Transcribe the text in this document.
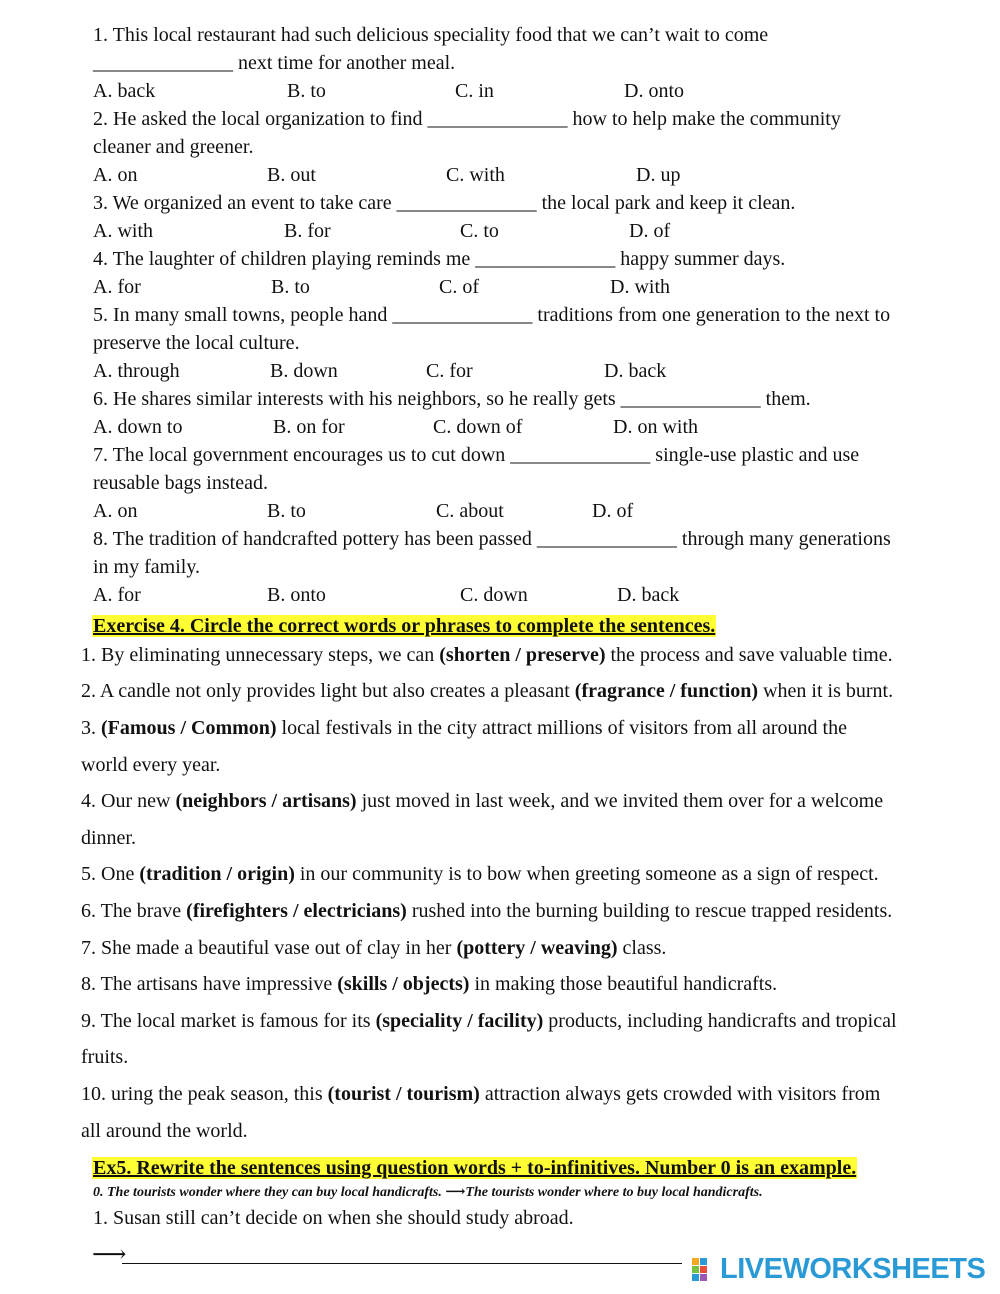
1. This local restaurant had such delicious speciality food that we can’t wait to come
______________ next time for another meal.
A. back	B. to	C. in	D. onto
2. He asked the local organization to find ______________ how to help make the community
cleaner and greener.
A. on	B. out	C. with	D. up
3. We organized an event to take care ______________ the local park and keep it clean.
A. with	B. for	C. to	D. of
4. The laughter of children playing reminds me ______________ happy summer days.
A. for	B. to	C. of	D. with
5. In many small towns, people hand ______________ traditions from one generation to the next to
preserve the local culture.
A. through	B. down	C. for	D. back
6. He shares similar interests with his neighbors, so he really gets ______________ them.
A. down to	B. on for	C. down of	D. on with
7. The local government encourages us to cut down ______________ single-use plastic and use
reusable bags instead.
A. on	B. to	C. about	D. of
8. The tradition of handcrafted pottery has been passed ______________ through many generations
in my family.
A. for	B. onto	C. down	D. back
Exercise 4. Circle the correct words or phrases to complete the sentences.
1. By eliminating unnecessary steps, we can (shorten / preserve) the process and save valuable time.
2. A candle not only provides light but also creates a pleasant (fragrance / function) when it is burnt.
3. (Famous / Common) local festivals in the city attract millions of visitors from all around the
world every year.
4. Our new (neighbors / artisans) just moved in last week, and we invited them over for a welcome
dinner.
5. One (tradition / origin) in our community is to bow when greeting someone as a sign of respect.
6. The brave (firefighters / electricians) rushed into the burning building to rescue trapped residents.
7. She made a beautiful vase out of clay in her (pottery / weaving) class.
8. The artisans have impressive (skills / objects) in making those beautiful handicrafts.
9. The local market is famous for its (speciality / facility) products, including handicrafts and tropical
fruits.
10. uring the peak season, this (tourist / tourism) attraction always gets crowded with visitors from
all around the world.
Ex5. Rewrite the sentences using question words + to-infinitives. Number 0 is an example.
0. The tourists wonder where they can buy local handicrafts. ⟶The tourists wonder where to buy local handicrafts.
1. Susan still can’t decide on when she should study abroad.
⟶	LIVEWORKSHEETS
